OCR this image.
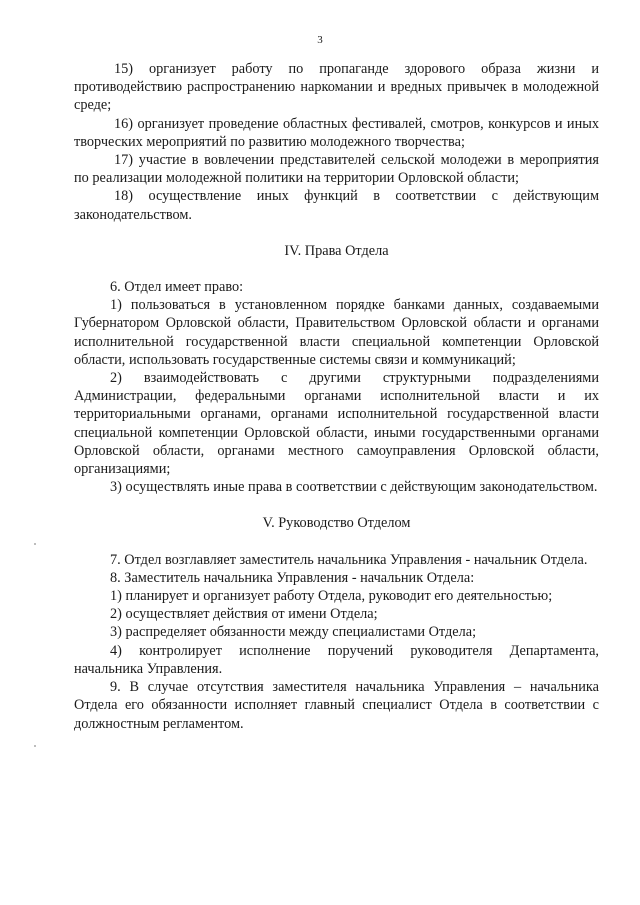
3

15) организует работу по пропаганде здорового образа жизни и противодействию распространению наркомании и вредных привычек в молодежной среде;

16) организует проведение областных фестивалей, смотров, конкурсов и иных творческих мероприятий по развитию молодежного творчества;

17) участие в вовлечении представителей сельской молодежи в мероприятия по реализации молодежной политики на территории Орловской области;

18) осуществление иных функций в соответствии с действующим законодательством.

IV. Права Отдела

6. Отдел имеет право:

1) пользоваться в установленном порядке банками данных, создаваемыми Губернатором Орловской области, Правительством Орловской области и органами исполнительной государственной власти специальной компетенции Орловской области, использовать государственные системы связи и коммуникаций;

2) взаимодействовать с другими структурными подразделениями Администрации, федеральными органами исполнительной власти и их территориальными органами, органами исполнительной государственной власти специальной компетенции Орловской области, иными государственными органами Орловской области, органами местного самоуправления Орловской области, организациями;

3) осуществлять иные права в соответствии с действующим законодательством.

V. Руководство Отделом

7. Отдел возглавляет заместитель начальника Управления - начальник Отдела.

8. Заместитель начальника Управления - начальник Отдела:

1) планирует и организует работу Отдела, руководит его деятельностью;

2) осуществляет действия от имени Отдела;

3) распределяет обязанности между специалистами Отдела;

4) контролирует исполнение поручений руководителя Департамента, начальника Управления.

9. В случае отсутствия заместителя начальника Управления – начальника Отдела его обязанности исполняет главный специалист Отдела в соответствии с должностным регламентом.
